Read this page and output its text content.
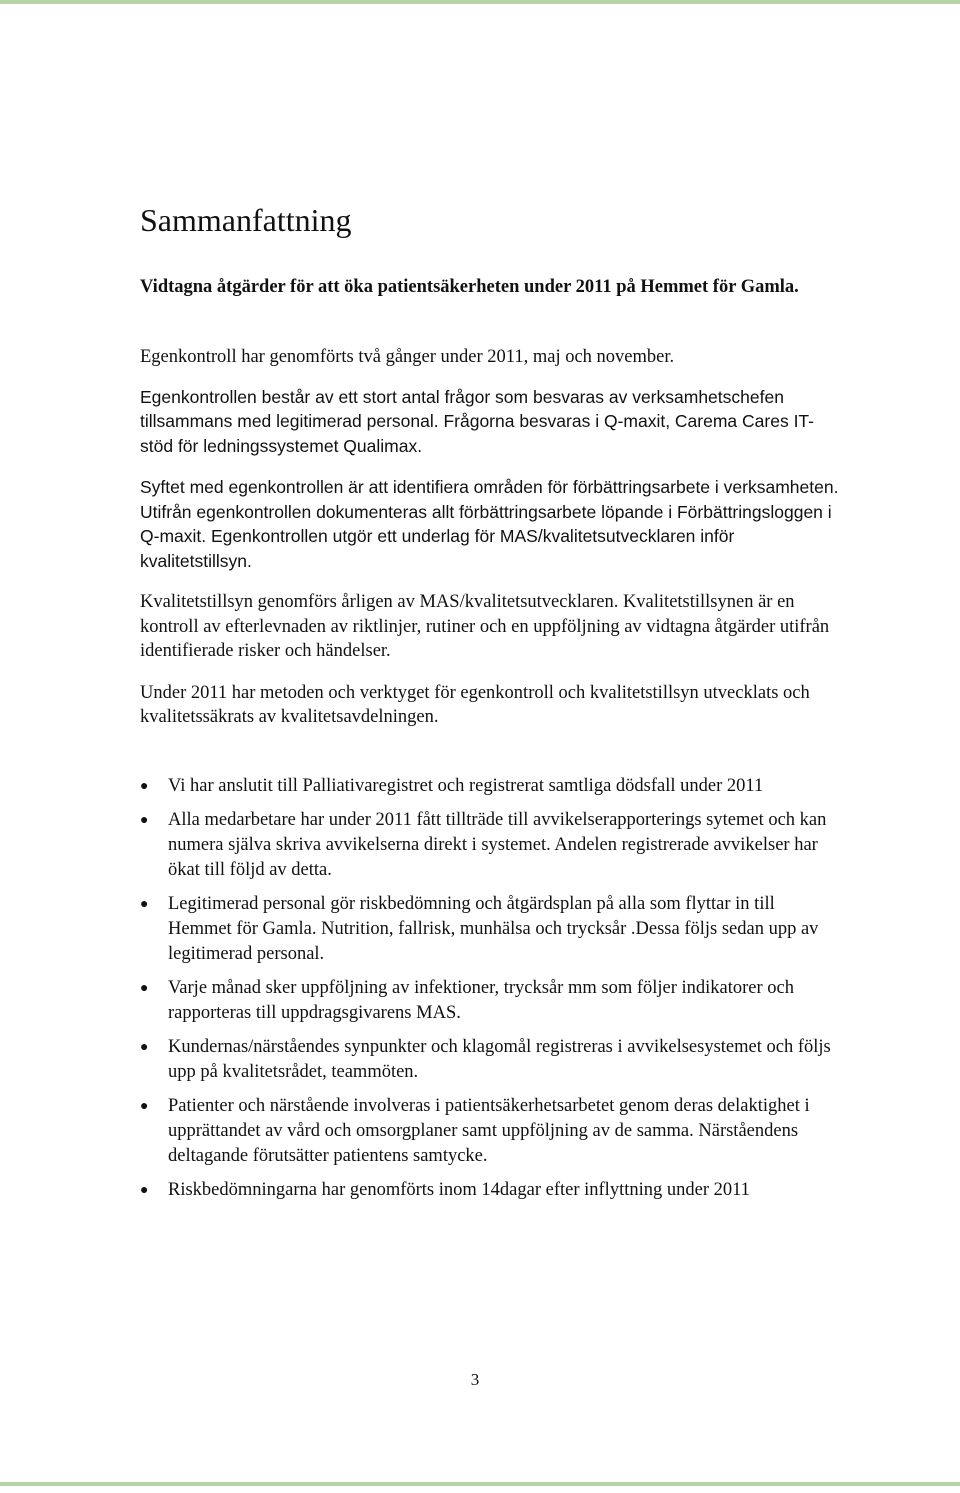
Sammanfattning

Vidtagna åtgärder för att öka patientsäkerheten under 2011 på Hemmet för Gamla.

Egenkontroll har genomförts två gånger under 2011, maj och november.

Egenkontrollen består av ett stort antal frågor som besvaras av verksamhetschefen tillsammans med legitimerad personal. Frågorna besvaras i Q-maxit, Carema Cares IT-stöd för ledningssystemet Qualimax.

Syftet med egenkontrollen är att identifiera områden för förbättringsarbete i verksamheten. Utifrån egenkontrollen dokumenteras allt förbättringsarbete löpande i Förbättringsloggen i Q-maxit. Egenkontrollen utgör ett underlag för MAS/kvalitetsutvecklaren inför kvalitetstillsyn.

Kvalitetstillsyn genomförs årligen av MAS/kvalitetsutvecklaren. Kvalitetstillsynen är en kontroll av efterlevnaden av riktlinjer, rutiner och en uppföljning av vidtagna åtgärder utifrån identifierade risker och händelser.

Under 2011 har metoden och verktyget för egenkontroll och kvalitetstillsyn utvecklats och kvalitetssäkrats av kvalitetsavdelningen.

● Vi har anslutit till Palliativaregistret och registrerat samtliga dödsfall under 2011
● Alla medarbetare har under 2011 fått tillträde till avvikelserapporterings sytemet och kan numera själva skriva avvikelserna direkt i systemet. Andelen registrerade avvikelser har ökat till följd av detta.
● Legitimerad personal gör riskbedömning och åtgärdsplan på alla som flyttar in till Hemmet för Gamla. Nutrition, fallrisk, munhälsa och trycksår .Dessa följs sedan upp av legitimerad personal.
● Varje månad sker uppföljning av infektioner, trycksår mm som följer indikatorer och rapporteras till uppdragsgivarens MAS.
● Kundernas/närståendes synpunkter och klagomål registreras i avvikelsesystemet och följs upp på kvalitetsrådet, teammöten.
● Patienter och närstående involveras i patientsäkerhetsarbetet genom deras delaktighet i upprättandet av vård och omsorgplaner samt uppföljning av de samma. Närståendens deltagande förutsätter patientens samtycke.
● Riskbedömningarna har genomförts inom 14dagar efter inflyttning under 2011
3
